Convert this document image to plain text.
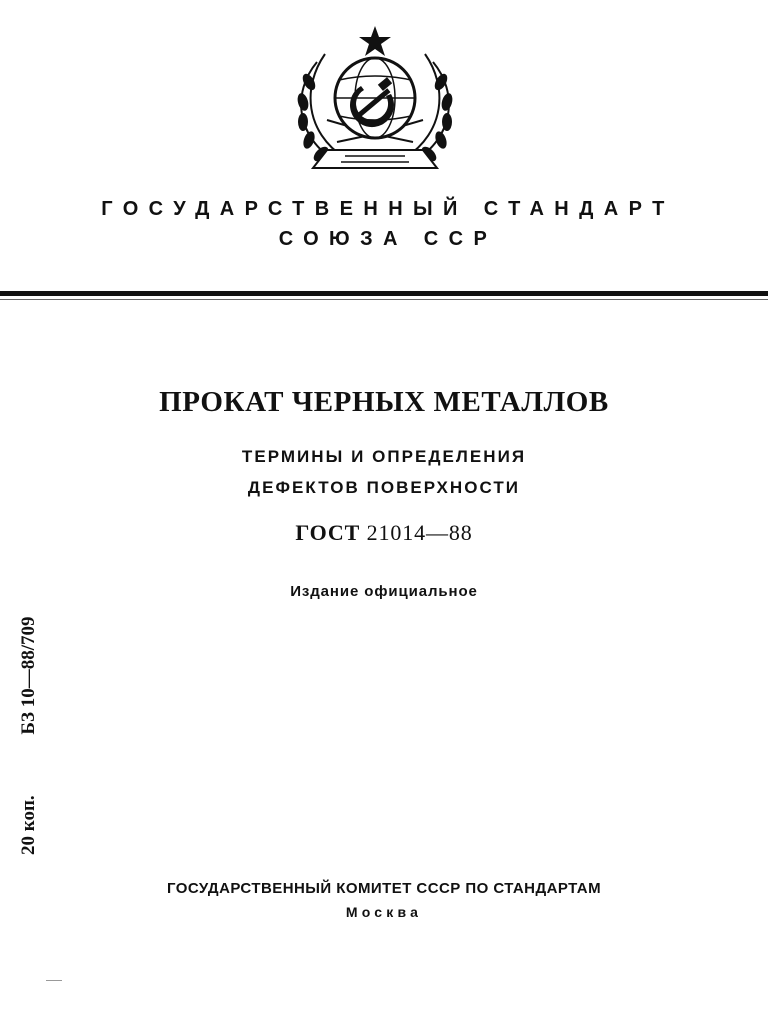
ГОСУДАРСТВЕННЫЙ СТАНДАРТ
СОЮЗА ССР
ПРОКАТ ЧЕРНЫХ МЕТАЛЛОВ
ТЕРМИНЫ И ОПРЕДЕЛЕНИЯ
ДЕФЕКТОВ ПОВЕРХНОСТИ
ГОСТ 21014—88
Издание официальное
20 коп. БЗ 10—88/709
ГОСУДАРСТВЕННЫЙ КОМИТЕТ СССР ПО СТАНДАРТАМ
Москва
